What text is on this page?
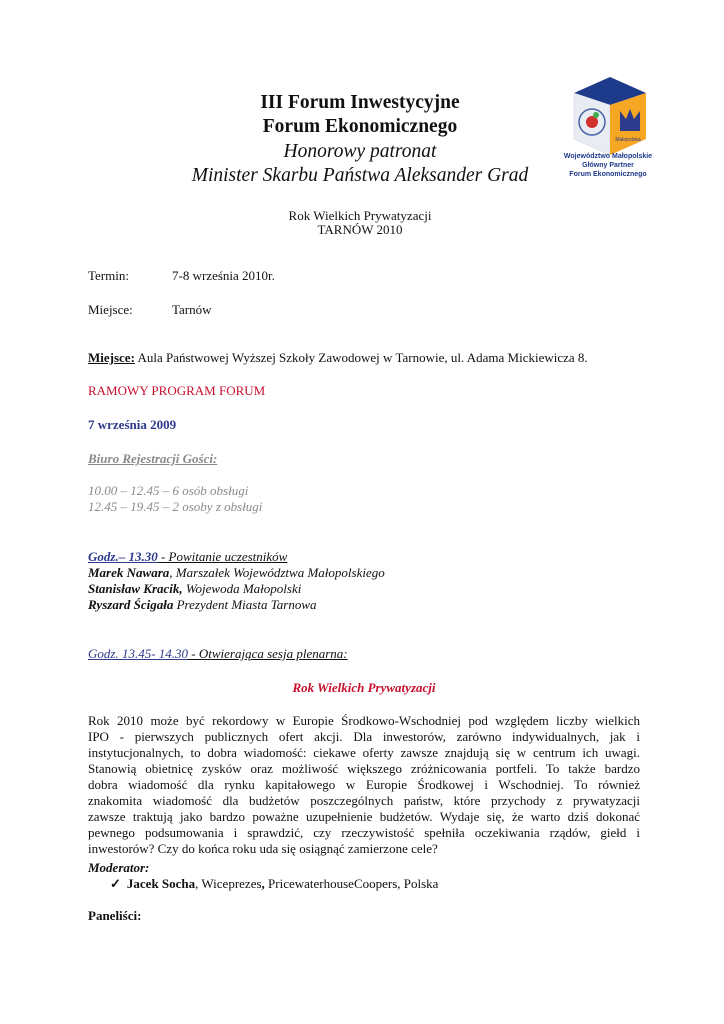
III Forum Inwestycyjne
Forum Ekonomicznego
Honorowy patronat
Minister Skarbu Państwa Aleksander Grad
Małopolska
Województwo Małopolskie
Główny Partner
Forum Ekonomicznego
Rok Wielkich Prywatyzacji
TARNÓW 2010
Termin:	7-8 września 2010r.
Miejsce:	Tarnów
Miejsce: Aula Państwowej Wyższej Szkoły Zawodowej w Tarnowie, ul. Adama Mickiewicza 8.
RAMOWY PROGRAM FORUM
7 września 2009
Biuro Rejestracji Gości:
10.00 – 12.45 – 6 osób obsługi
12.45 – 19.45 – 2 osoby z obsługi
Godz.– 13.30 - Powitanie uczestników
Marek Nawara, Marszałek Województwa Małopolskiego
Stanisław Kracik, Wojewoda Małopolski
Ryszard Ścigała Prezydent Miasta Tarnowa
Godz. 13.45- 14.30 - Otwierająca sesja plenarna:
Rok Wielkich Prywatyzacji
Rok 2010 może być rekordowy w Europie Środkowo-Wschodniej pod względem liczby wielkich
IPO - pierwszych publicznych ofert akcji. Dla inwestorów, zarówno indywidualnych, jak i
instytucjonalnych, to dobra wiadomość: ciekawe oferty zawsze znajdują się w centrum ich uwagi.
Stanowią obietnicę zysków oraz możliwość większego zróżnicowania portfeli. To także bardzo
dobra wiadomość dla rynku kapitałowego w Europie Środkowej i Wschodniej. To również
znakomita wiadomość dla budżetów poszczególnych państw, które przychody z prywatyzacji
zawsze traktują jako bardzo poważne uzupełnienie budżetów. Wydaje się, że warto dziś dokonać
pewnego podsumowania i sprawdzić, czy rzeczywistość spełniła oczekiwania rządów, giełd i
inwestorów? Czy do końca roku uda się osiągnąć zamierzone cele?
Moderator:
✓ Jacek Socha, Wiceprezes, PricewaterhouseCoopers, Polska
Paneliści:
